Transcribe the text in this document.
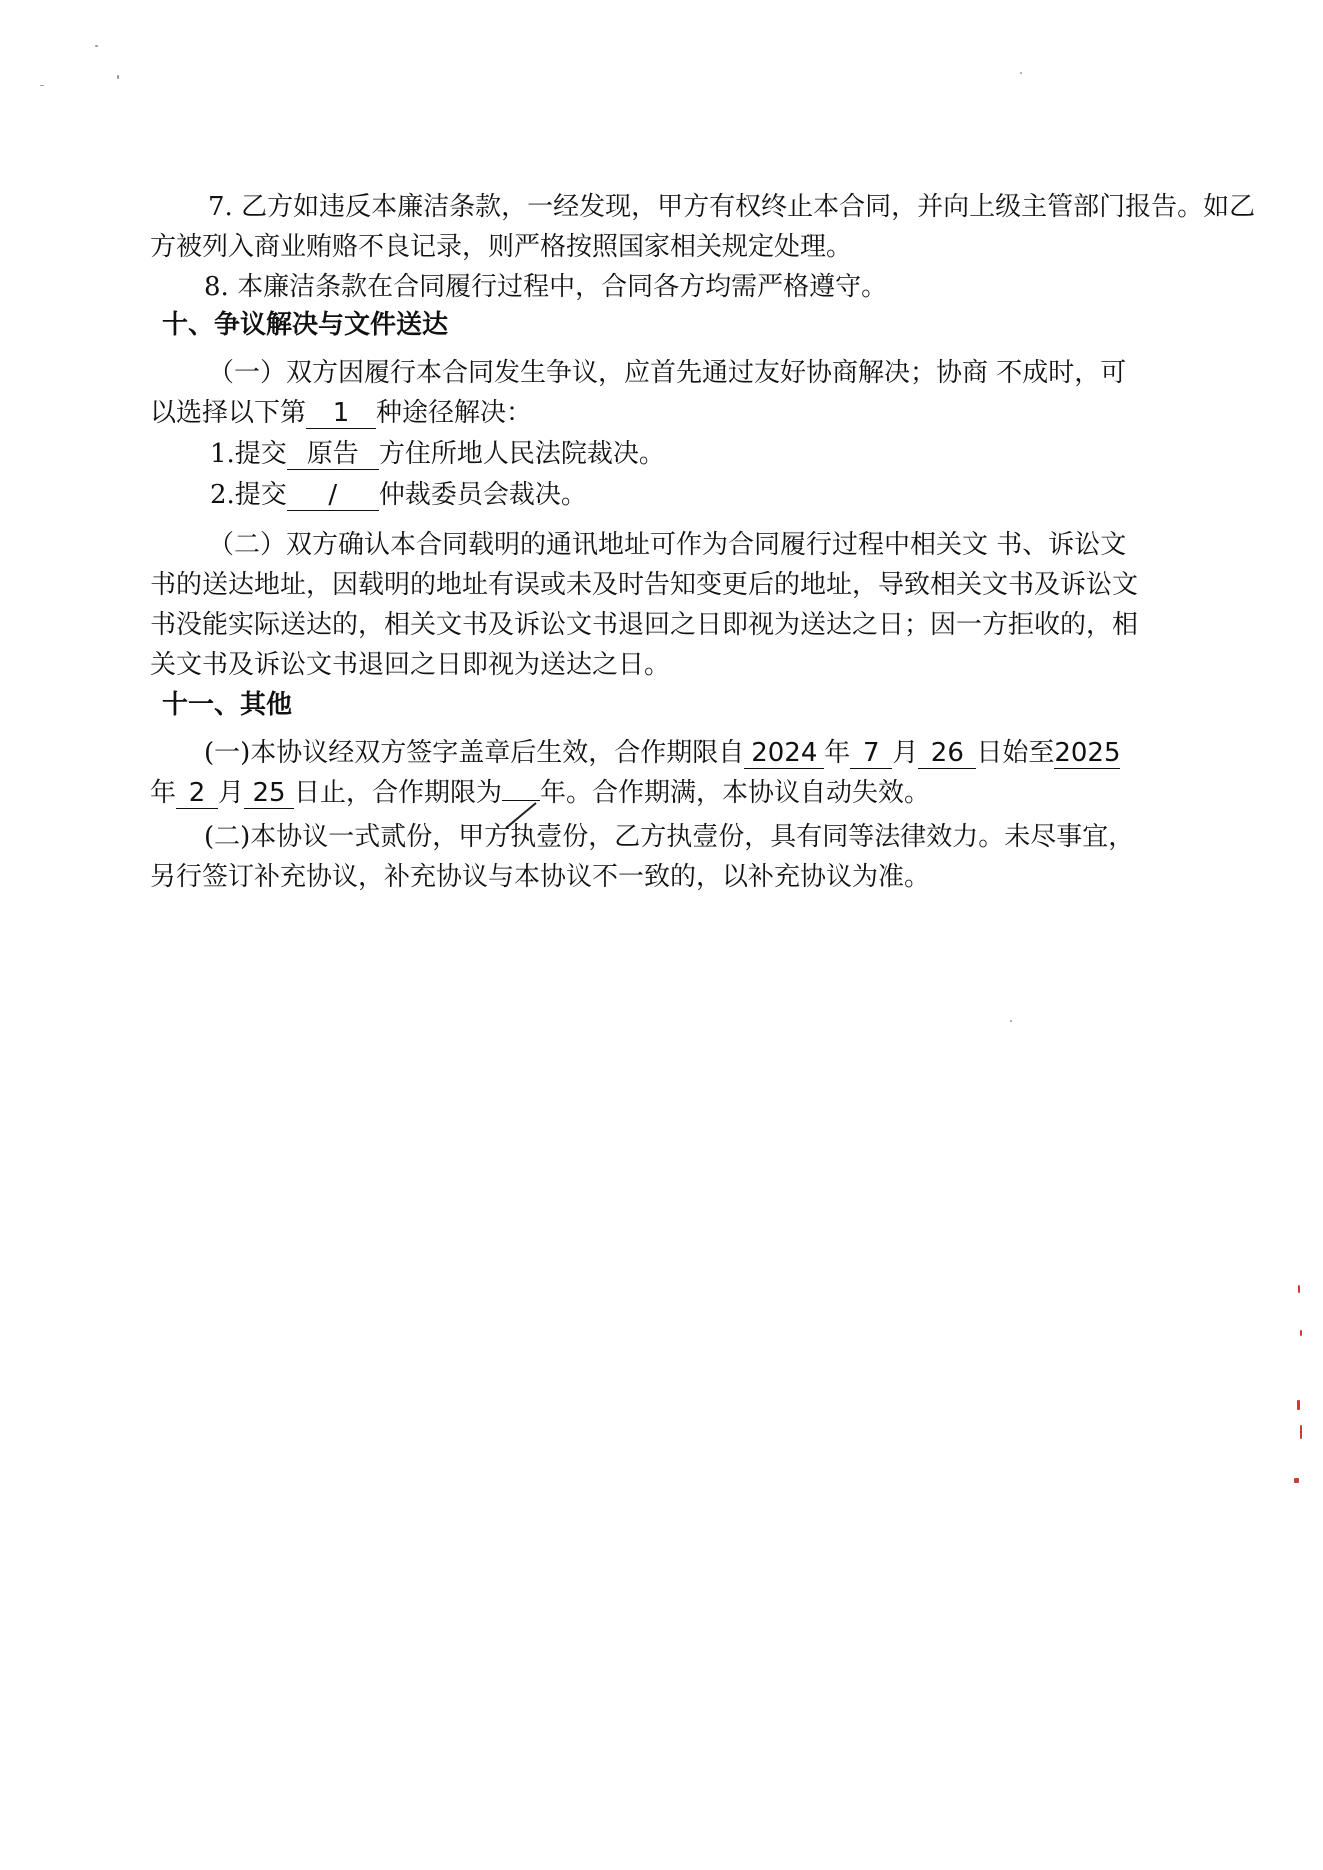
7. 乙方如违反本廉洁条款，一经发现，甲方有权终止本合同，并向上级主管部门报告。如乙
方被列入商业贿赂不良记录，则严格按照国家相关规定处理。
8. 本廉洁条款在合同履行过程中，合同各方均需严格遵守。
十、争议解决与文件送达
（一）双方因履行本合同发生争议，应首先通过友好协商解决；协商 不成时，可
以选择以下第 1 种途径解决：
1.提交 原告 方住所地人民法院裁决。
2.提交 / 仲裁委员会裁决。
（二）双方确认本合同载明的通讯地址可作为合同履行过程中相关文 书、诉讼文
书的送达地址，因载明的地址有误或未及时告知变更后的地址，导致相关文书及诉讼文
书没能实际送达的，相关文书及诉讼文书退回之日即视为送达之日；因一方拒收的，相
关文书及诉讼文书退回之日即视为送达之日。
十一、其他
(一)本协议经双方签字盖章后生效，合作期限自 2024 年 7 月 26 日始至2025
年 2 月 25 日止，合作期限为 年。合作期满，本协议自动失效。
(二)本协议一式贰份，甲方执壹份，乙方执壹份，具有同等法律效力。未尽事宜，
另行签订补充协议，补充协议与本协议不一致的，以补充协议为准。
